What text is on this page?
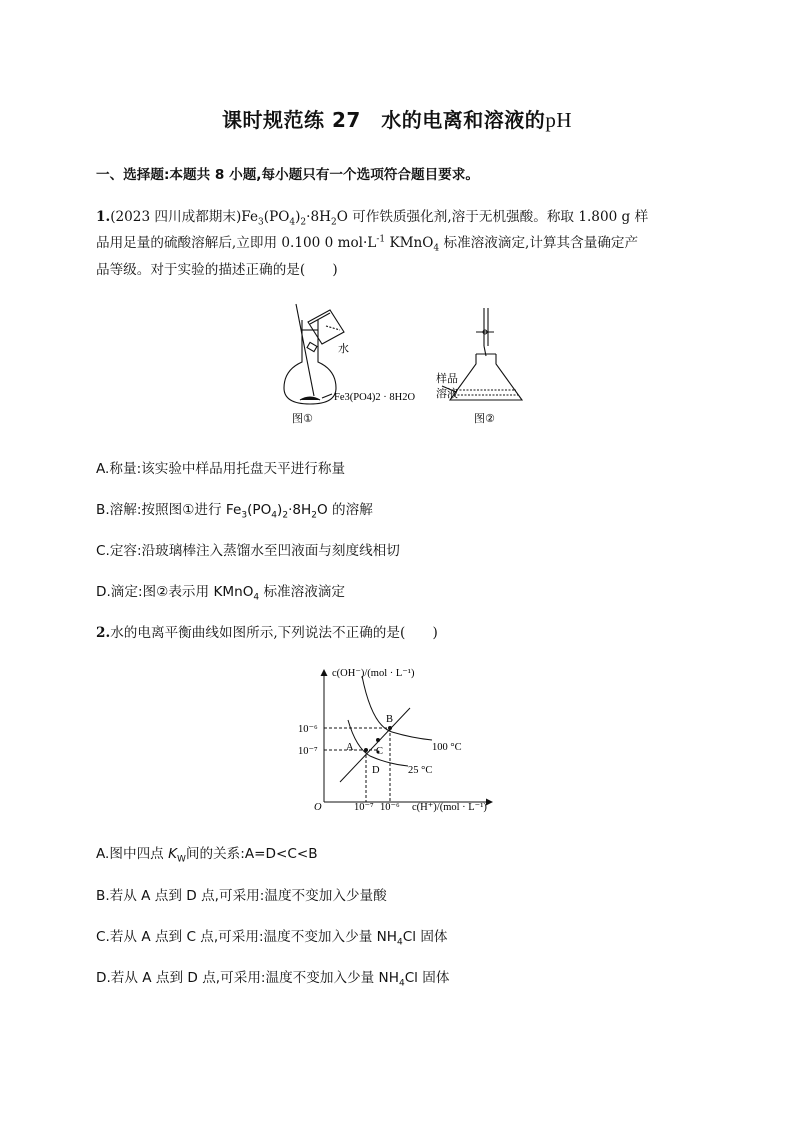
课时规范练 27　水的电离和溶液的pH
一、选择题:本题共 8 小题,每小题只有一个选项符合题目要求。
1.(2023 四川成都期末)$Fe_3(PO_4)_2\cdot 8H_2O$ 可作铁质强化剂,溶于无机强酸。称取 1.800 g 样
品用足量的硫酸溶解后,立即用 0.100 0 $mol\cdot L^{-1}$ KMnO$_4$ 标准溶液滴定,计算其含量确定产
品等级。对于实验的描述正确的是(　　)
水
Fe3(PO4)2 · 8H2O
图①
样品
溶液
图②
A.称量:该实验中样品用托盘天平进行称量
B.溶解:按照图①进行 $Fe_3(PO_4)_2\cdot 8H_2O$ 的溶解
C.定容:沿玻璃棒注入蒸馏水至凹液面与刻度线相切
D.滴定:图②表示用 KMnO$_4$ 标准溶液滴定
2.水的电离平衡曲线如图所示,下列说法不正确的是(　　)
c(OH⁻)/(mol · L⁻¹)
c(H⁺)/(mol · L⁻¹)
O
10⁻⁶
10⁻⁷
10⁻⁷ 10⁻⁶
A
B
C
D
100 °C
25 °C
A.图中四点 $K_W$间的关系:A=D<C<B
B.若从 A 点到 D 点,可采用:温度不变加入少量酸
C.若从 A 点到 C 点,可采用:温度不变加入少量 $NH_4Cl$ 固体
D.若从 A 点到 D 点,可采用:温度不变加入少量 $NH_4Cl$ 固体
